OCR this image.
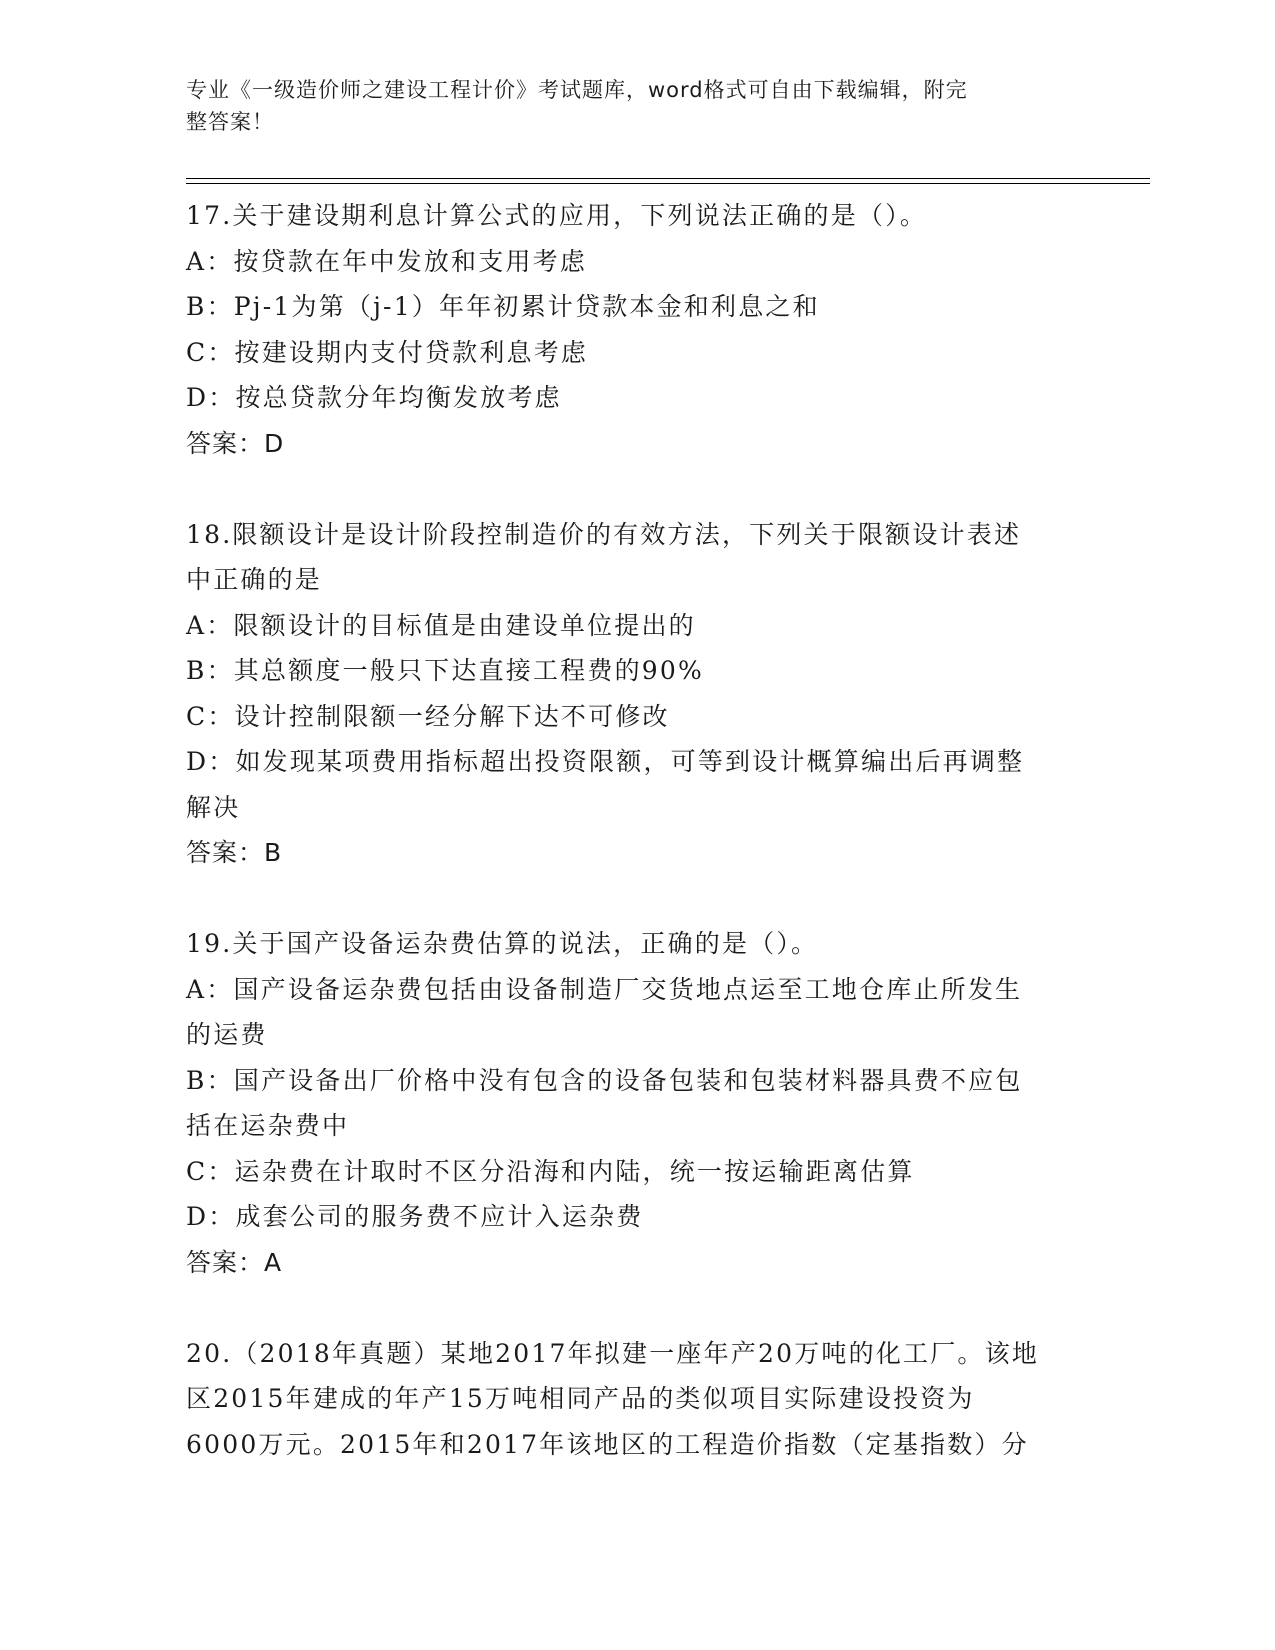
专业《一级造价师之建设工程计价》考试题库，word格式可自由下载编辑，附完
整答案！
17.关于建设期利息计算公式的应用，下列说法正确的是（）。
A：按贷款在年中发放和支用考虑
B：Pj-1为第（j-1）年年初累计贷款本金和利息之和
C：按建设期内支付贷款利息考虑
D：按总贷款分年均衡发放考虑
答案：D
18.限额设计是设计阶段控制造价的有效方法，下列关于限额设计表述
中正确的是
A：限额设计的目标值是由建设单位提出的
B：其总额度一般只下达直接工程费的90%
C：设计控制限额一经分解下达不可修改
D：如发现某项费用指标超出投资限额，可等到设计概算编出后再调整
解决
答案：B
19.关于国产设备运杂费估算的说法，正确的是（）。
A：国产设备运杂费包括由设备制造厂交货地点运至工地仓库止所发生
的运费
B：国产设备出厂价格中没有包含的设备包装和包装材料器具费不应包
括在运杂费中
C：运杂费在计取时不区分沿海和内陆，统一按运输距离估算
D：成套公司的服务费不应计入运杂费
答案：A
20.（2018年真题）某地2017年拟建一座年产20万吨的化工厂。该地
区2015年建成的年产15万吨相同产品的类似项目实际建设投资为
6000万元。2015年和2017年该地区的工程造价指数（定基指数）分
